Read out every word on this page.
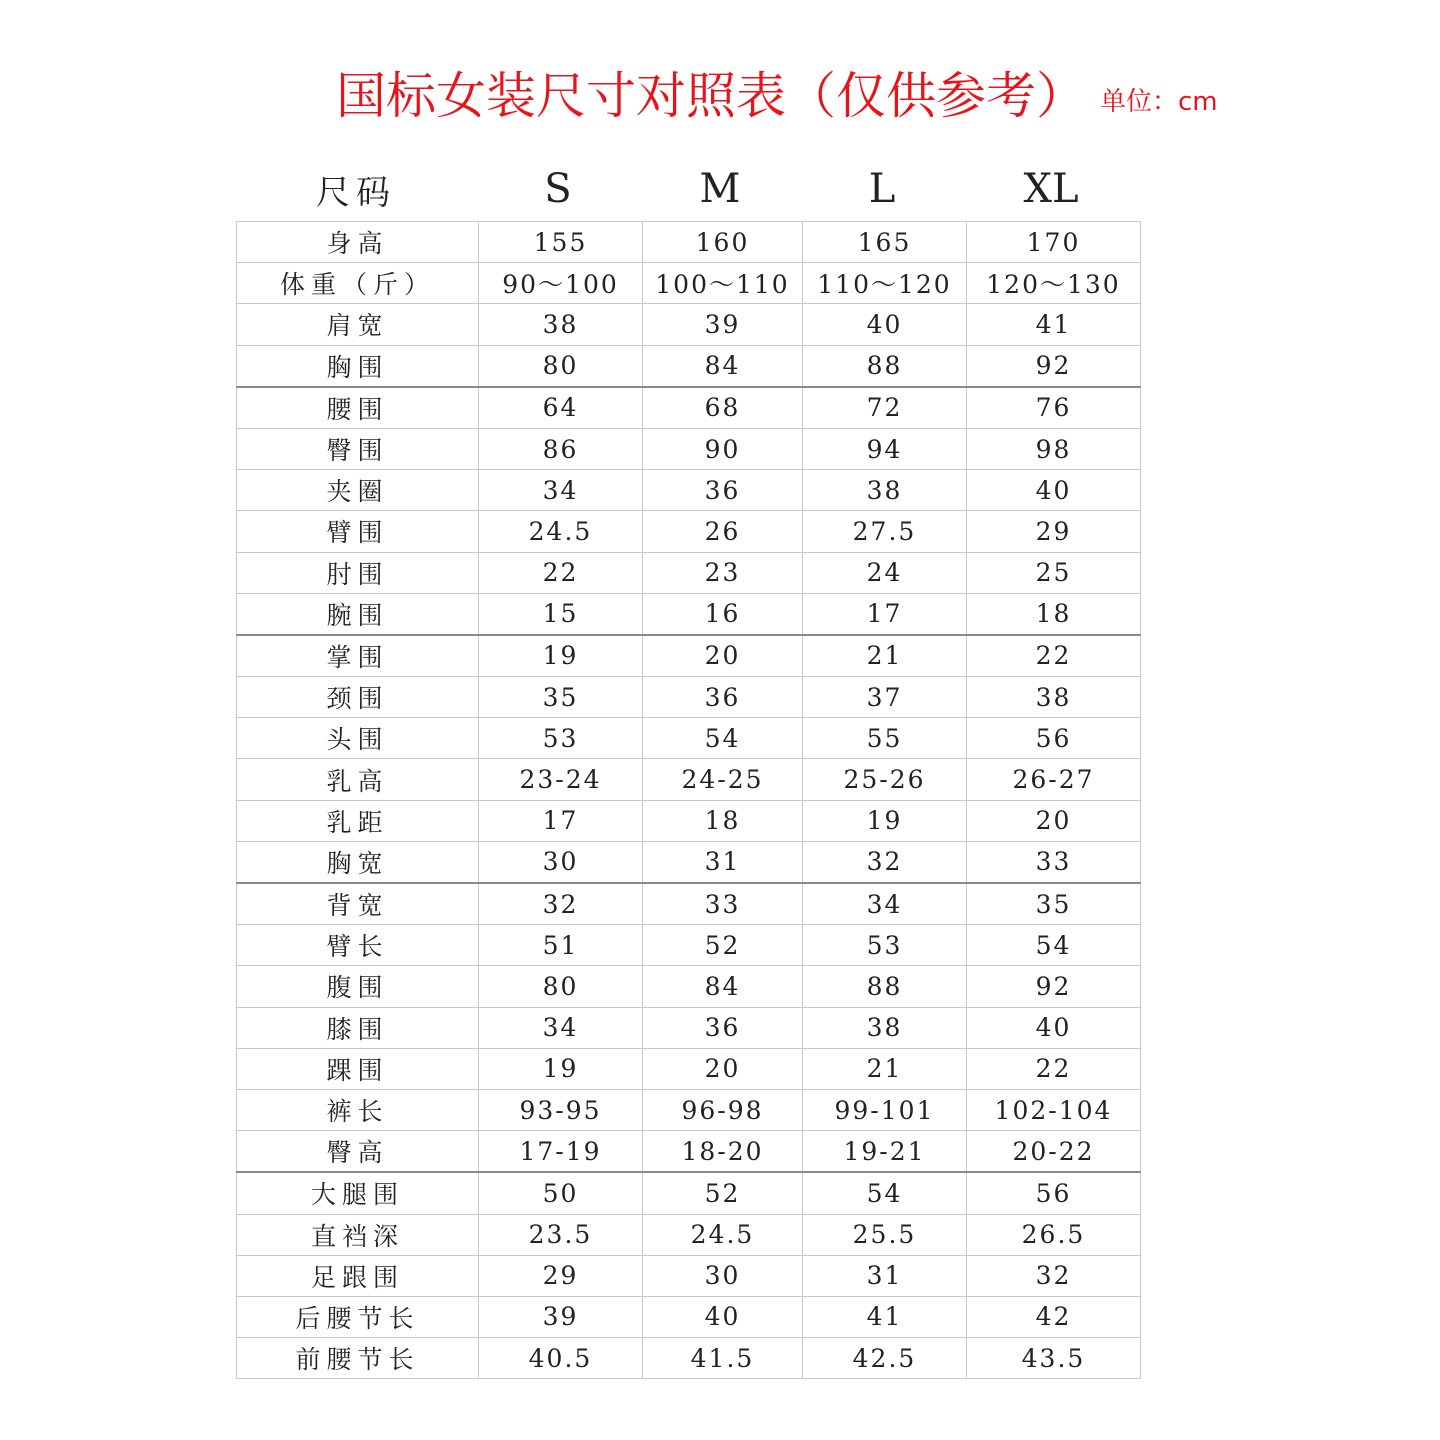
国标女装尺寸对照表（仅供参考） 单位：cm
尺码	S	M	L	XL
身高	155	160	165	170
体重（斤）	90～100	100～110	110～120	120～130
肩宽	38	39	40	41
胸围	80	84	88	92
腰围	64	68	72	76
臀围	86	90	94	98
夹圈	34	36	38	40
臂围	24.5	26	27.5	29
肘围	22	23	24	25
腕围	15	16	17	18
掌围	19	20	21	22
颈围	35	36	37	38
头围	53	54	55	56
乳高	23-24	24-25	25-26	26-27
乳距	17	18	19	20
胸宽	30	31	32	33
背宽	32	33	34	35
臂长	51	52	53	54
腹围	80	84	88	92
膝围	34	36	38	40
踝围	19	20	21	22
裤长	93-95	96-98	99-101	102-104
臀高	17-19	18-20	19-21	20-22
大腿围	50	52	54	56
直裆深	23.5	24.5	25.5	26.5
足跟围	29	30	31	32
后腰节长	39	40	41	42
前腰节长	40.5	41.5	42.5	43.5
